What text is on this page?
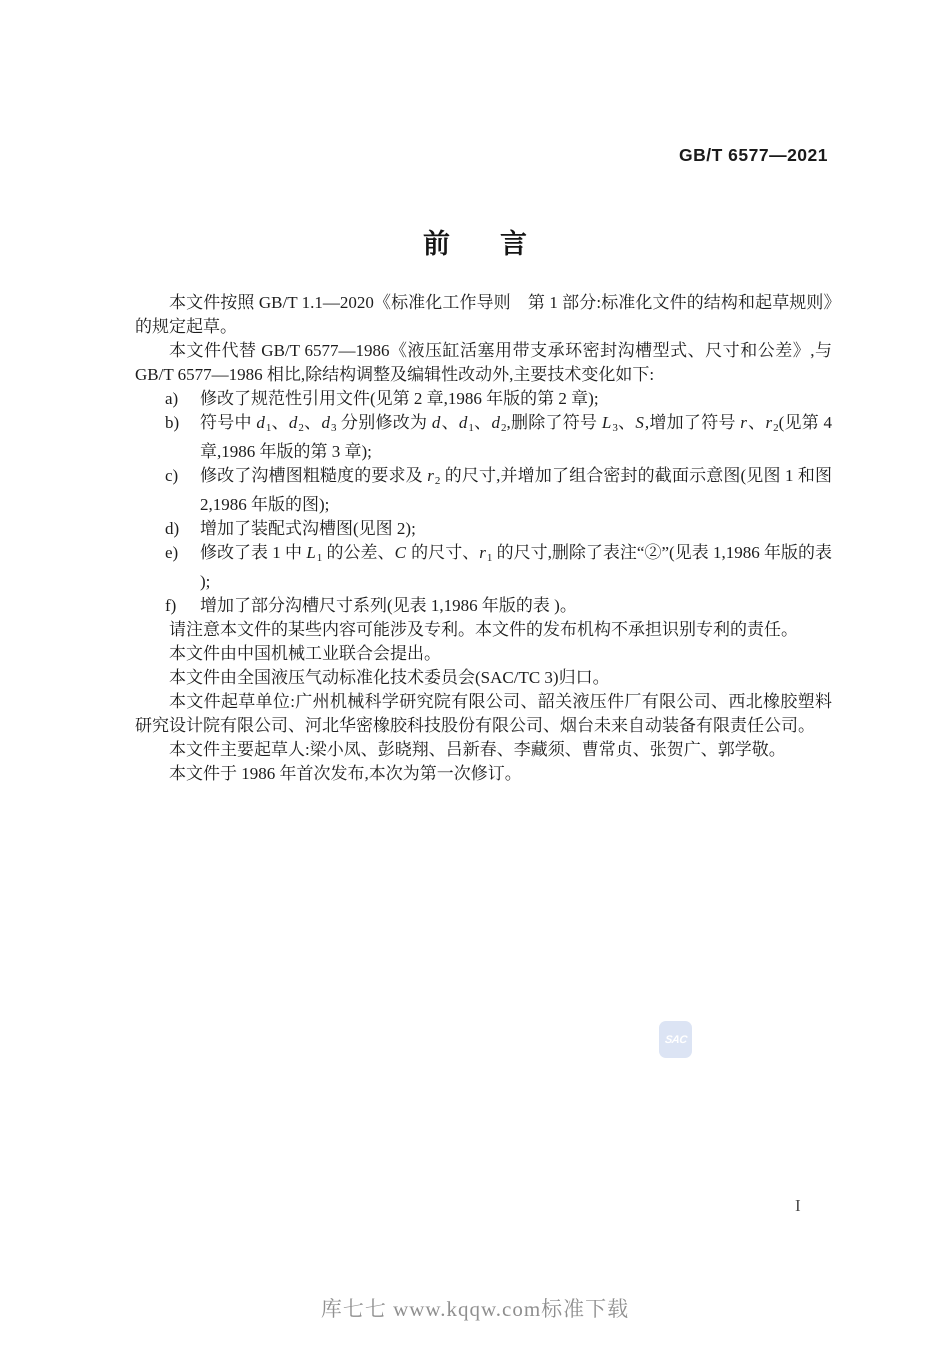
GB/T 6577—2021
前 言

本文件按照 GB/T 1.1—2020《标准化工作导则　第 1 部分:标准化文件的结构和起草规则》的规定起草。

本文件代替 GB/T 6577—1986《液压缸活塞用带支承环密封沟槽型式、尺寸和公差》,与 GB/T 6577—1986 相比,除结构调整及编辑性改动外,主要技术变化如下:

a) 修改了规范性引用文件(见第 2 章,1986 年版的第 2 章);
b) 符号中 $d_1$、$d_2$、$d_3$ 分别修改为 d、$d_1$、$d_2$,删除了符号 $L_3$、S,增加了符号 r、$r_2$(见第 4 章,1986 年版的第 3 章);
c) 修改了沟槽图粗糙度的要求及 $r_2$ 的尺寸,并增加了组合密封的截面示意图(见图 1 和图 2,1986 年版的图);
d) 增加了装配式沟槽图(见图 2);
e) 修改了表 1 中 $L_1$ 的公差、C 的尺寸、$r_1$ 的尺寸,删除了表注“②”(见表 1,1986 年版的表 );
f) 增加了部分沟槽尺寸系列(见表 1,1986 年版的表 )。

请注意本文件的某些内容可能涉及专利。本文件的发布机构不承担识别专利的责任。

本文件由中国机械工业联合会提出。

本文件由全国液压气动标准化技术委员会(SAC/TC 3)归口。

本文件起草单位:广州机械科学研究院有限公司、韶关液压件厂有限公司、西北橡胶塑料研究设计院有限公司、河北华密橡胶科技股份有限公司、烟台未来自动装备有限责任公司。

本文件主要起草人:梁小凤、彭晓翔、吕新春、李藏须、曹常贞、张贺广、郭学敬。

本文件于 1986 年首次发布,本次为第一次修订。

SAC
I
库七七 www.kqqw.com标准下载
